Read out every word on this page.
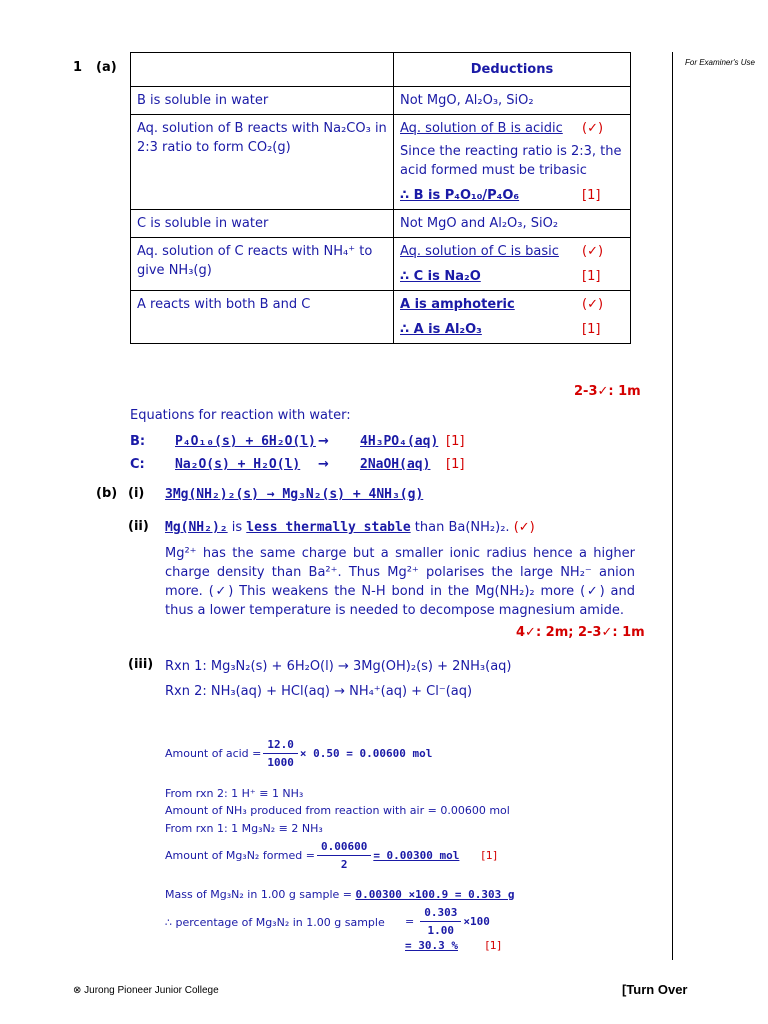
1 (a)	For Examiner's Use
	Deductions
B is soluble in water	Not MgO, Al₂O₃, SiO₂
Aq. solution of B reacts with Na₂CO₃ in 2:3 ratio to form CO₂(g)	Aq. solution of B is acidic (✓)
Since the reacting ratio is 2:3, the acid formed must be tribasic
∴ B is P₄O₁₀/P₄O₆ [1]

C is soluble in water	Not MgO and Al₂O₃, SiO₂
Aq. solution of C reacts with NH₄⁺ to give NH₃(g)	Aq. solution of C is basic (✓)
∴ C is Na₂O [1]

A reacts with both B and C	A is amphoteric (✓)
∴ A is Al₂O₃ [1]
2-3✓: 1m
Equations for reaction with water:
B: P₄O₁₀(s) + 6H₂O(l) → 4H₃PO₄(aq) [1]
C: Na₂O(s) + H₂O(l) → 2NaOH(aq) [1]
(b) (i) 3Mg(NH₂)₂(s) → Mg₃N₂(s) + 4NH₃(g)
(ii) Mg(NH₂)₂ is less thermally stable than Ba(NH₂)₂. (✓)
Mg²⁺ has the same charge but a smaller ionic radius hence a higher charge density than Ba²⁺. Thus Mg²⁺ polarises the large NH₂⁻ anion more. (✓) This weakens the N-H bond in the Mg(NH₂)₂ more (✓) and thus a lower temperature is needed to decompose magnesium amide.
4✓: 2m; 2-3✓: 1m
(iii) Rxn 1: Mg₃N₂(s) + 6H₂O(l) → 3Mg(OH)₂(s) + 2NH₃(aq)
Rxn 2: NH₃(aq) + HCl(aq) → NH₄⁺(aq) + Cl⁻(aq)
Amount of acid = $\frac{12.0}{1000} \times 0.50 = 0.00600$ mol
From rxn 2: 1 H⁺ ≡ 1 NH₃
Amount of NH₃ produced from reaction with air = 0.00600 mol
From rxn 1: 1 Mg₃N₂ ≡ 2 NH₃
Amount of Mg₃N₂ formed = $\frac{0.00600}{2} = 0.00300$ mol [1]
Mass of Mg₃N₂ in 1.00 g sample = 0.00300 ×100.9 = 0.303 g
∴ percentage of Mg₃N₂ in 1.00 g sample = $\frac{0.303}{1.00} \times 100$
= 30.3 %	[1]
⊗ Jurong Pioneer Junior College	[Turn Over
